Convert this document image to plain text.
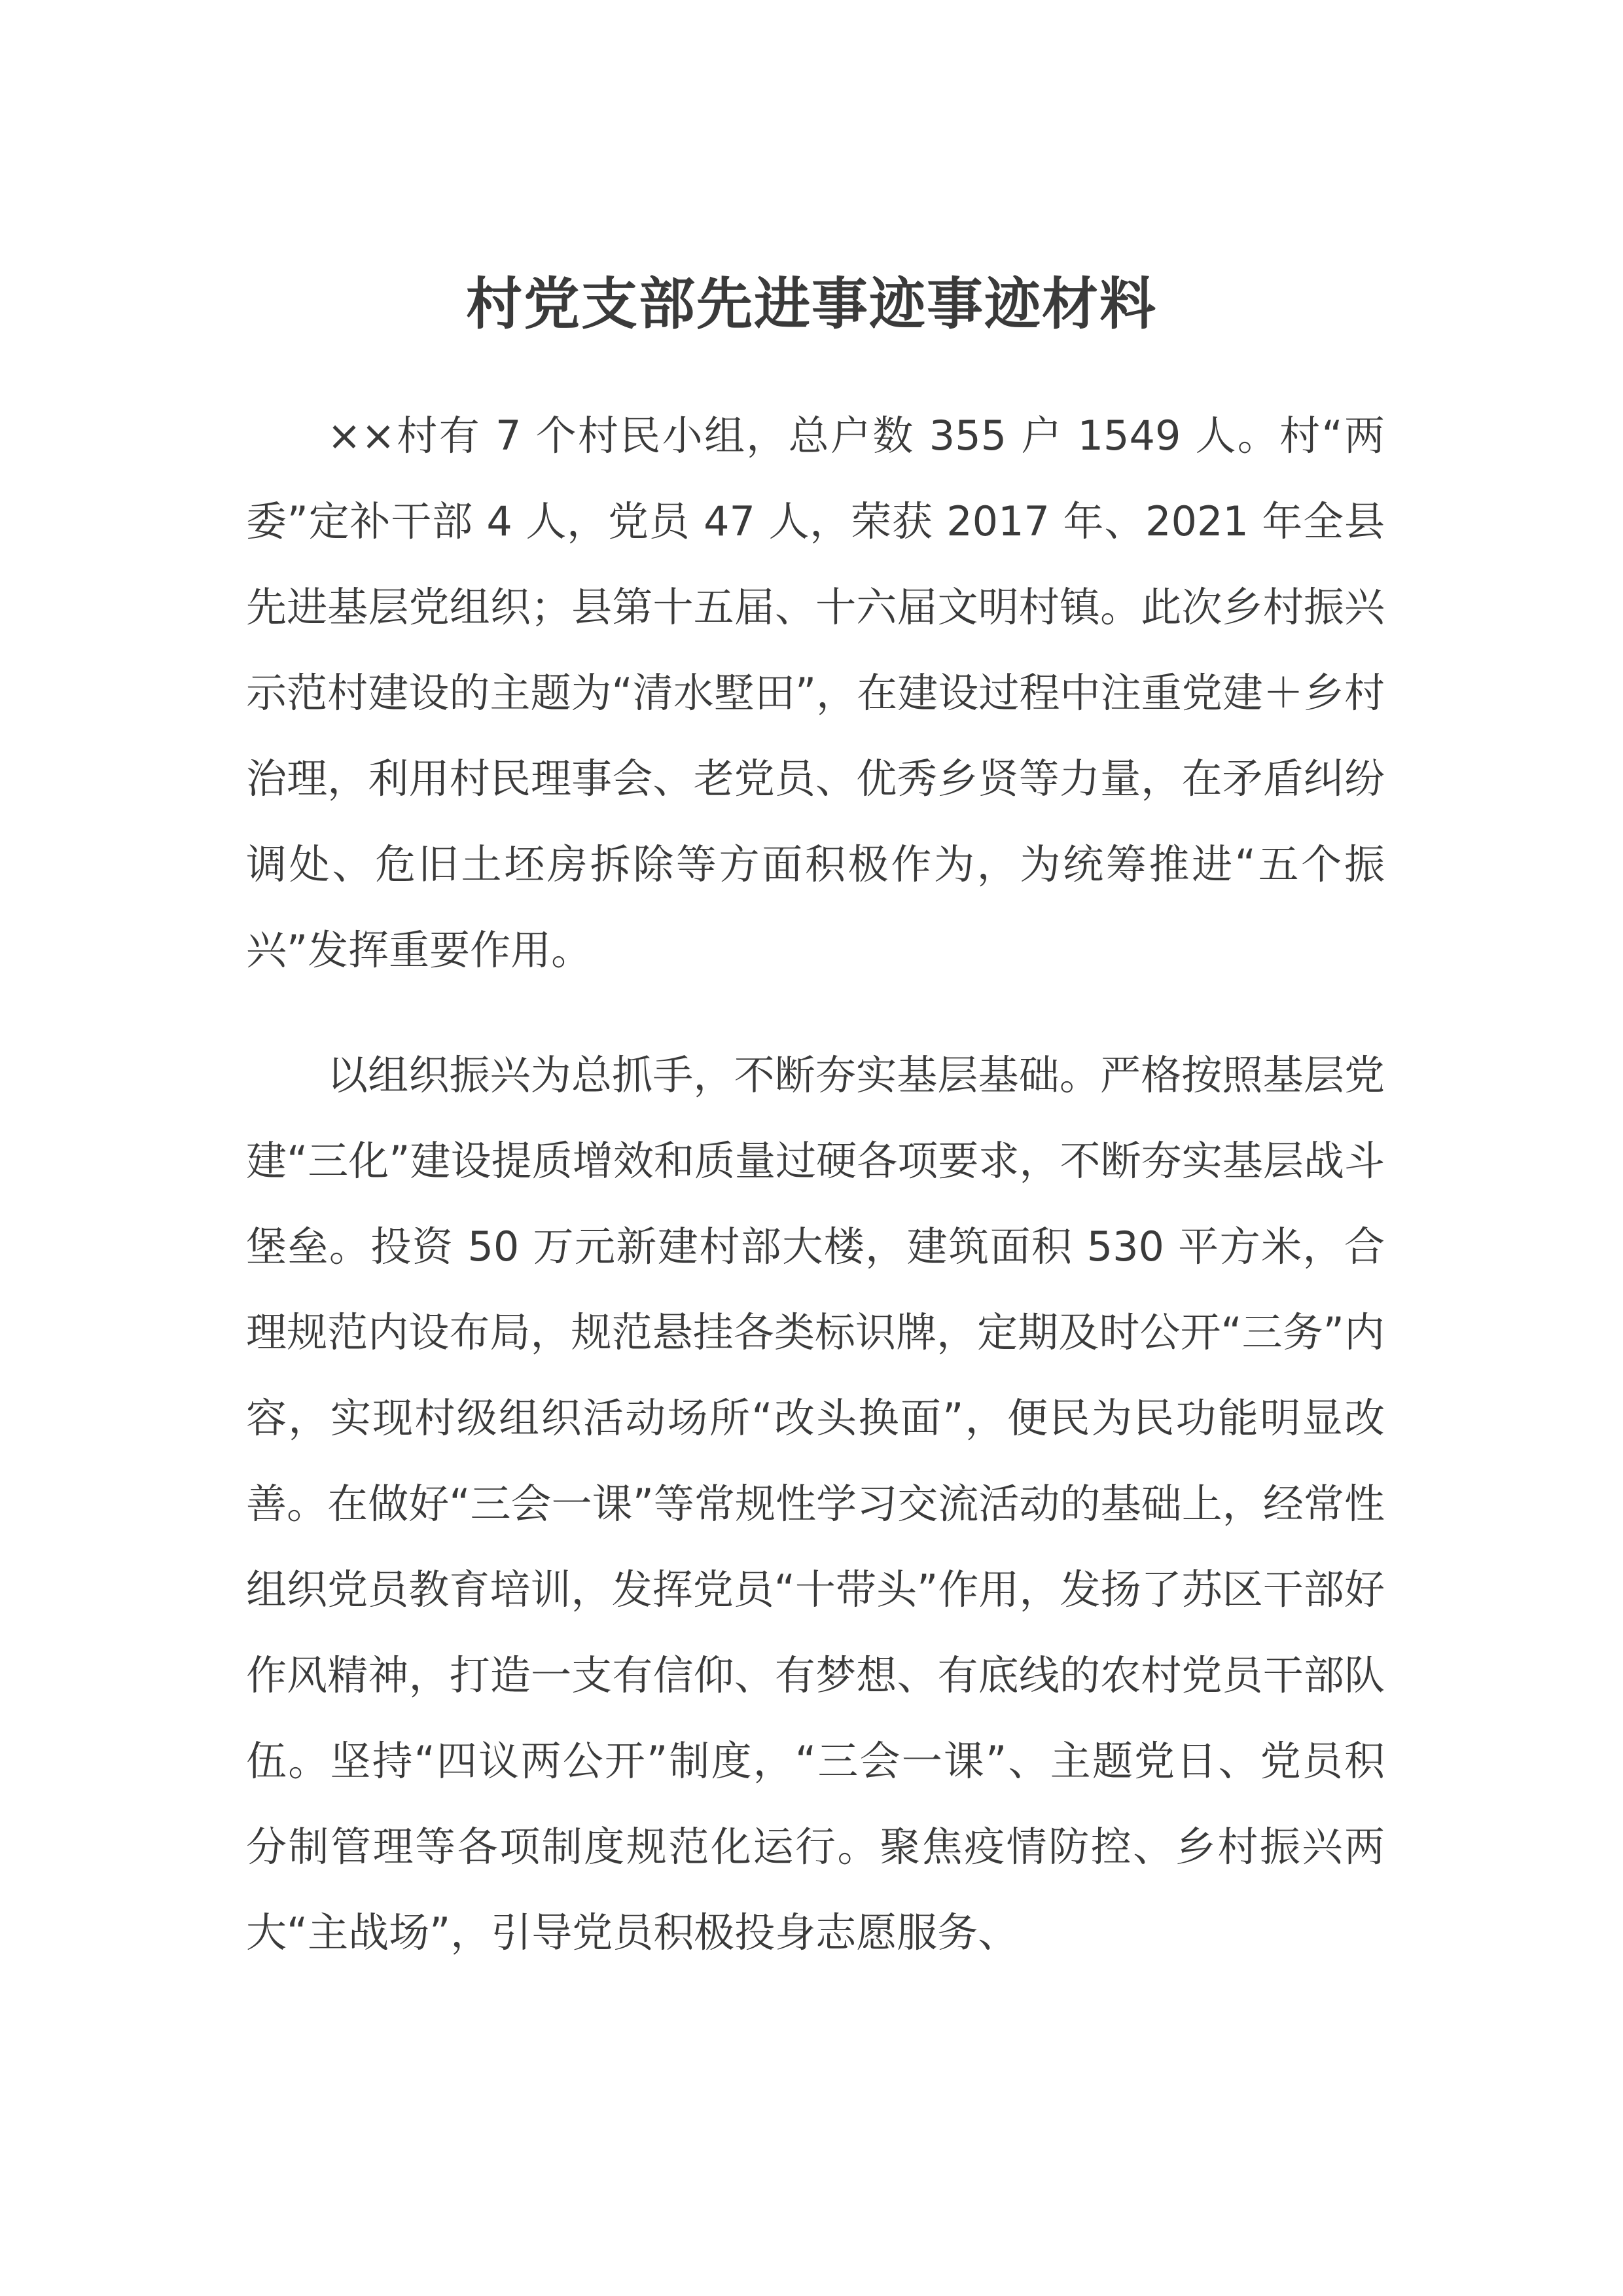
村党支部先进事迹事迹材料

××村有 7 个村民小组，总户数 355 户 1549 人。村“两委”定补干部 4 人，党员 47 人，荣获 2017 年、2021 年全县先进基层党组织；县第十五届、十六届文明村镇。此次乡村振兴示范村建设的主题为“清水墅田”，在建设过程中注重党建＋乡村治理，利用村民理事会、老党员、优秀乡贤等力量，在矛盾纠纷调处、危旧土坯房拆除等方面积极作为，为统筹推进“五个振兴”发挥重要作用。

以组织振兴为总抓手，不断夯实基层基础。严格按照基层党建“三化”建设提质增效和质量过硬各项要求，不断夯实基层战斗堡垒。投资 50 万元新建村部大楼，建筑面积 530 平方米，合理规范内设布局，规范悬挂各类标识牌，定期及时公开“三务”内容，实现村级组织活动场所“改头换面”，便民为民功能明显改善。在做好“三会一课”等常规性学习交流活动的基础上，经常性组织党员教育培训，发挥党员“十带头”作用，发扬了苏区干部好作风精神，打造一支有信仰、有梦想、有底线的农村党员干部队伍。坚持“四议两公开”制度，“三会一课”、主题党日、党员积分制管理等各项制度规范化运行。聚焦疫情防控、乡村振兴两大“主战场”，引导党员积极投身志愿服务、
